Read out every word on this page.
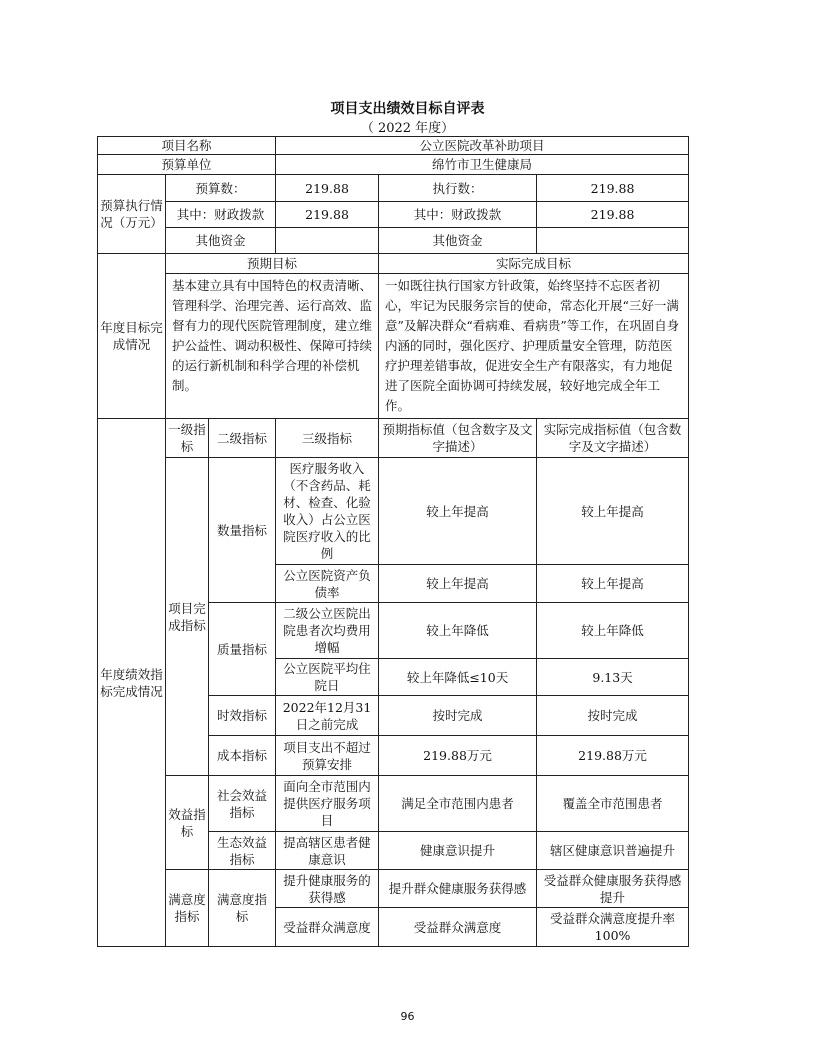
项目支出绩效目标自评表
（ 2022 年度）
项目名称			公立医院改革补助项目		
预算单位			绵竹市卫生健康局		
预算执行情况（万元）	预算数：		219.88	执行数：	219.88
	其中：财政拨款		219.88	其中：财政拨款	219.88
	其他资金			其他资金	
年度目标完成情况	预期目标			实际完成目标	
	基本建立具有中国特色的权责清晰、管理科学、治理完善、运行高效、监督有力的现代医院管理制度，建立维护公益性、调动积极性、保障可持续的运行新机制和科学合理的补偿机制。			一如既往执行国家方针政策，始终坚持不忘医者初心，牢记为民服务宗旨的使命，常态化开展“三好一满意”及解决群众“看病难、看病贵”等工作，在巩固自身内涵的同时，强化医疗、护理质量安全管理，防范医疗护理差错事故，促进安全生产有限落实，有力地促进了医院全面协调可持续发展，较好地完成全年工作。	
年度绩效指标完成情况	一级指标	二级指标	三级指标	预期指标值（包含数字及文字描述）	实际完成指标值（包含数字及文字描述）
	项目完成指标	数量指标	医疗服务收入（不含药品、耗材、检查、化验收入）占公立医院医疗收入的比例	较上年提高	较上年提高
			公立医院资产负债率	较上年提高	较上年提高
		质量指标	二级公立医院出院患者次均费用增幅	较上年降低	较上年降低
			公立医院平均住院日	较上年降低≤10天	9.13天
		时效指标	2022年12月31日之前完成	按时完成	按时完成
		成本指标	项目支出不超过预算安排	219.88万元	219.88万元
	效益指标	社会效益指标	面向全市范围内提供医疗服务项目	满足全市范围内患者	覆盖全市范围患者
		生态效益指标	提高辖区患者健康意识	健康意识提升	辖区健康意识普遍提升
	满意度指标	满意度指标	提升健康服务的获得感	提升群众健康服务获得感	受益群众健康服务获得感提升
			受益群众满意度	受益群众满意度	受益群众满意度提升率100%
96
